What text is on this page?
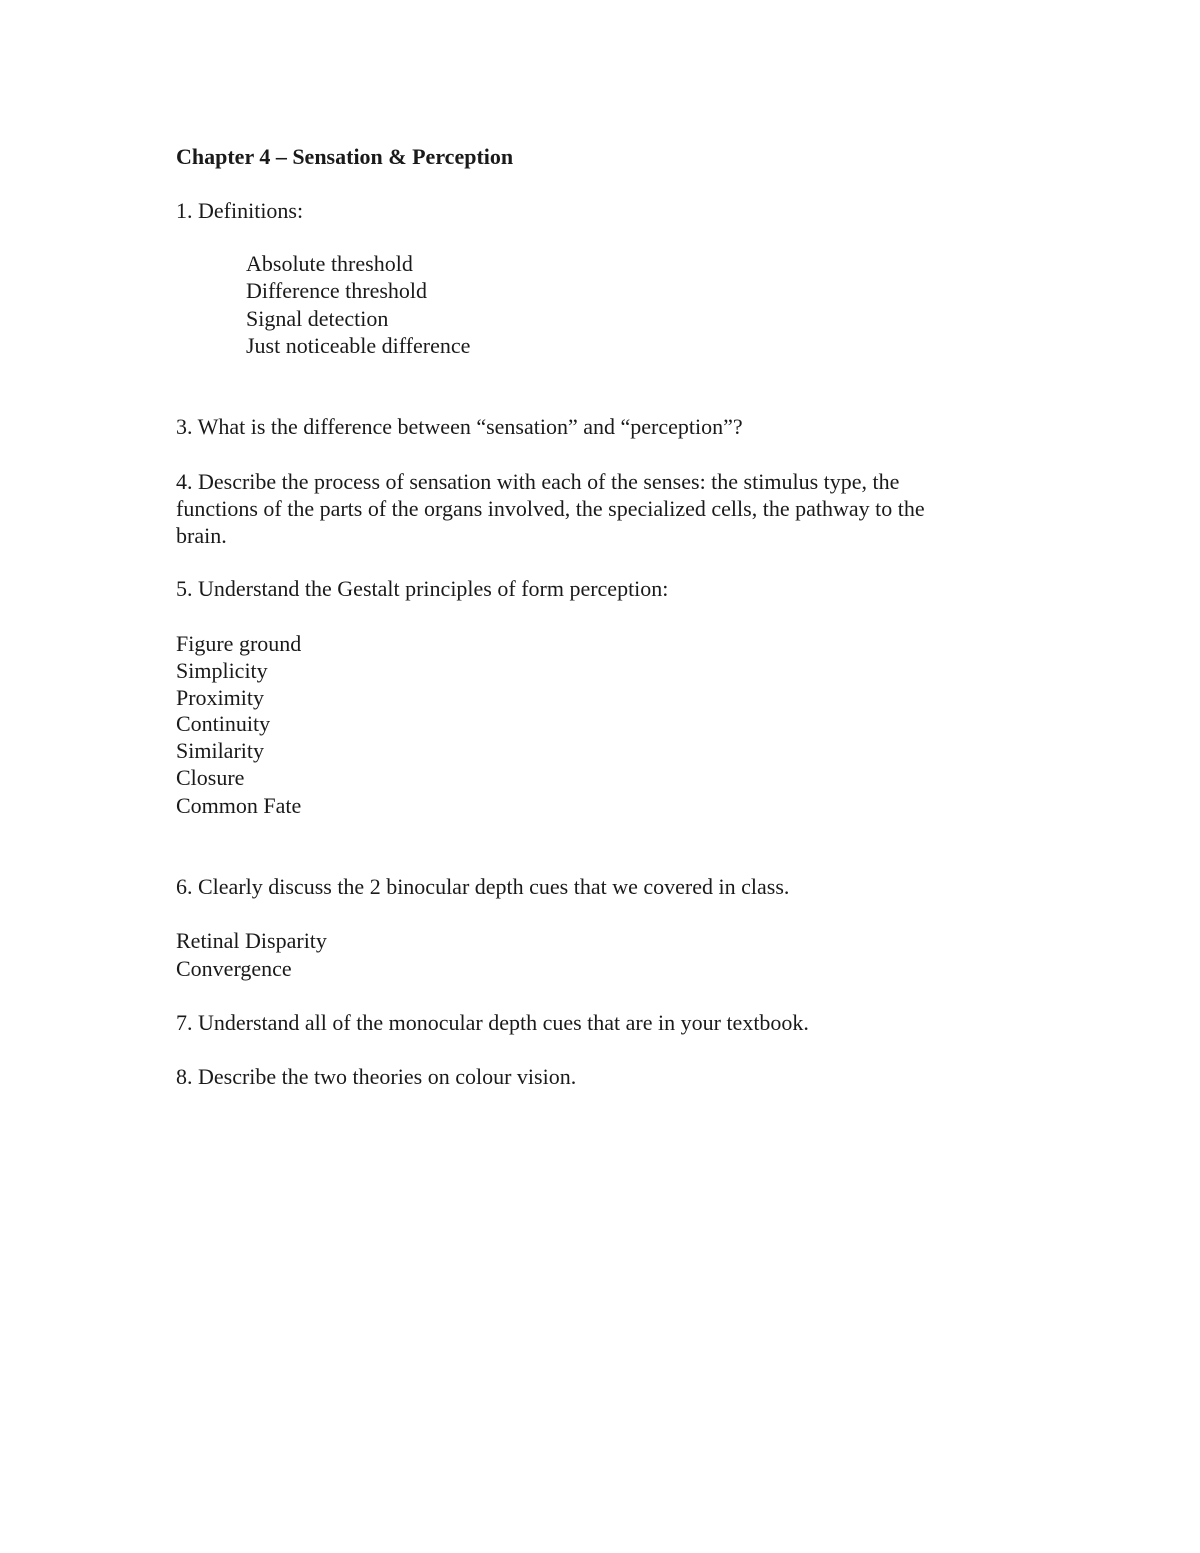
Chapter 4 – Sensation & Perception
1. Definitions:
Absolute threshold
Difference threshold
Signal detection
Just noticeable difference
3. What is the difference between “sensation” and “perception”?
4. Describe the process of sensation with each of the senses: the stimulus type, the
functions of the parts of the organs involved, the specialized cells, the pathway to the
brain.
5. Understand the Gestalt principles of form perception:
Figure ground
Simplicity
Proximity
Continuity
Similarity
Closure
Common Fate
6. Clearly discuss the 2 binocular depth cues that we covered in class.
Retinal Disparity
Convergence
7. Understand all of the monocular depth cues that are in your textbook.
8. Describe the two theories on colour vision.
